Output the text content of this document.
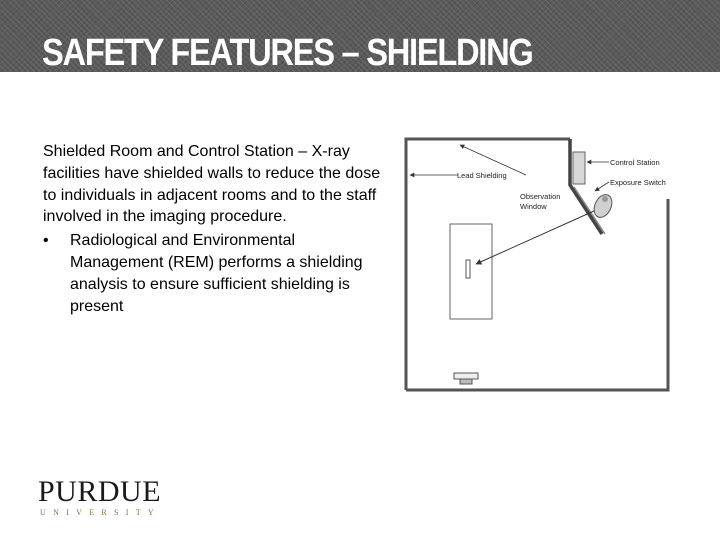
SAFETY FEATURES – SHIELDING

Shielded Room and Control Station – X-ray facilities have shielded walls to reduce the dose to individuals in adjacent rooms and to the staff involved in the imaging procedure.

•	Radiological and Environmental Management (REM) performs a shielding analysis to ensure sufficient shielding is present
Control Station
Exposure Switch
Lead Shielding
Observation
Window
PURDUE
UNIVERSITY
